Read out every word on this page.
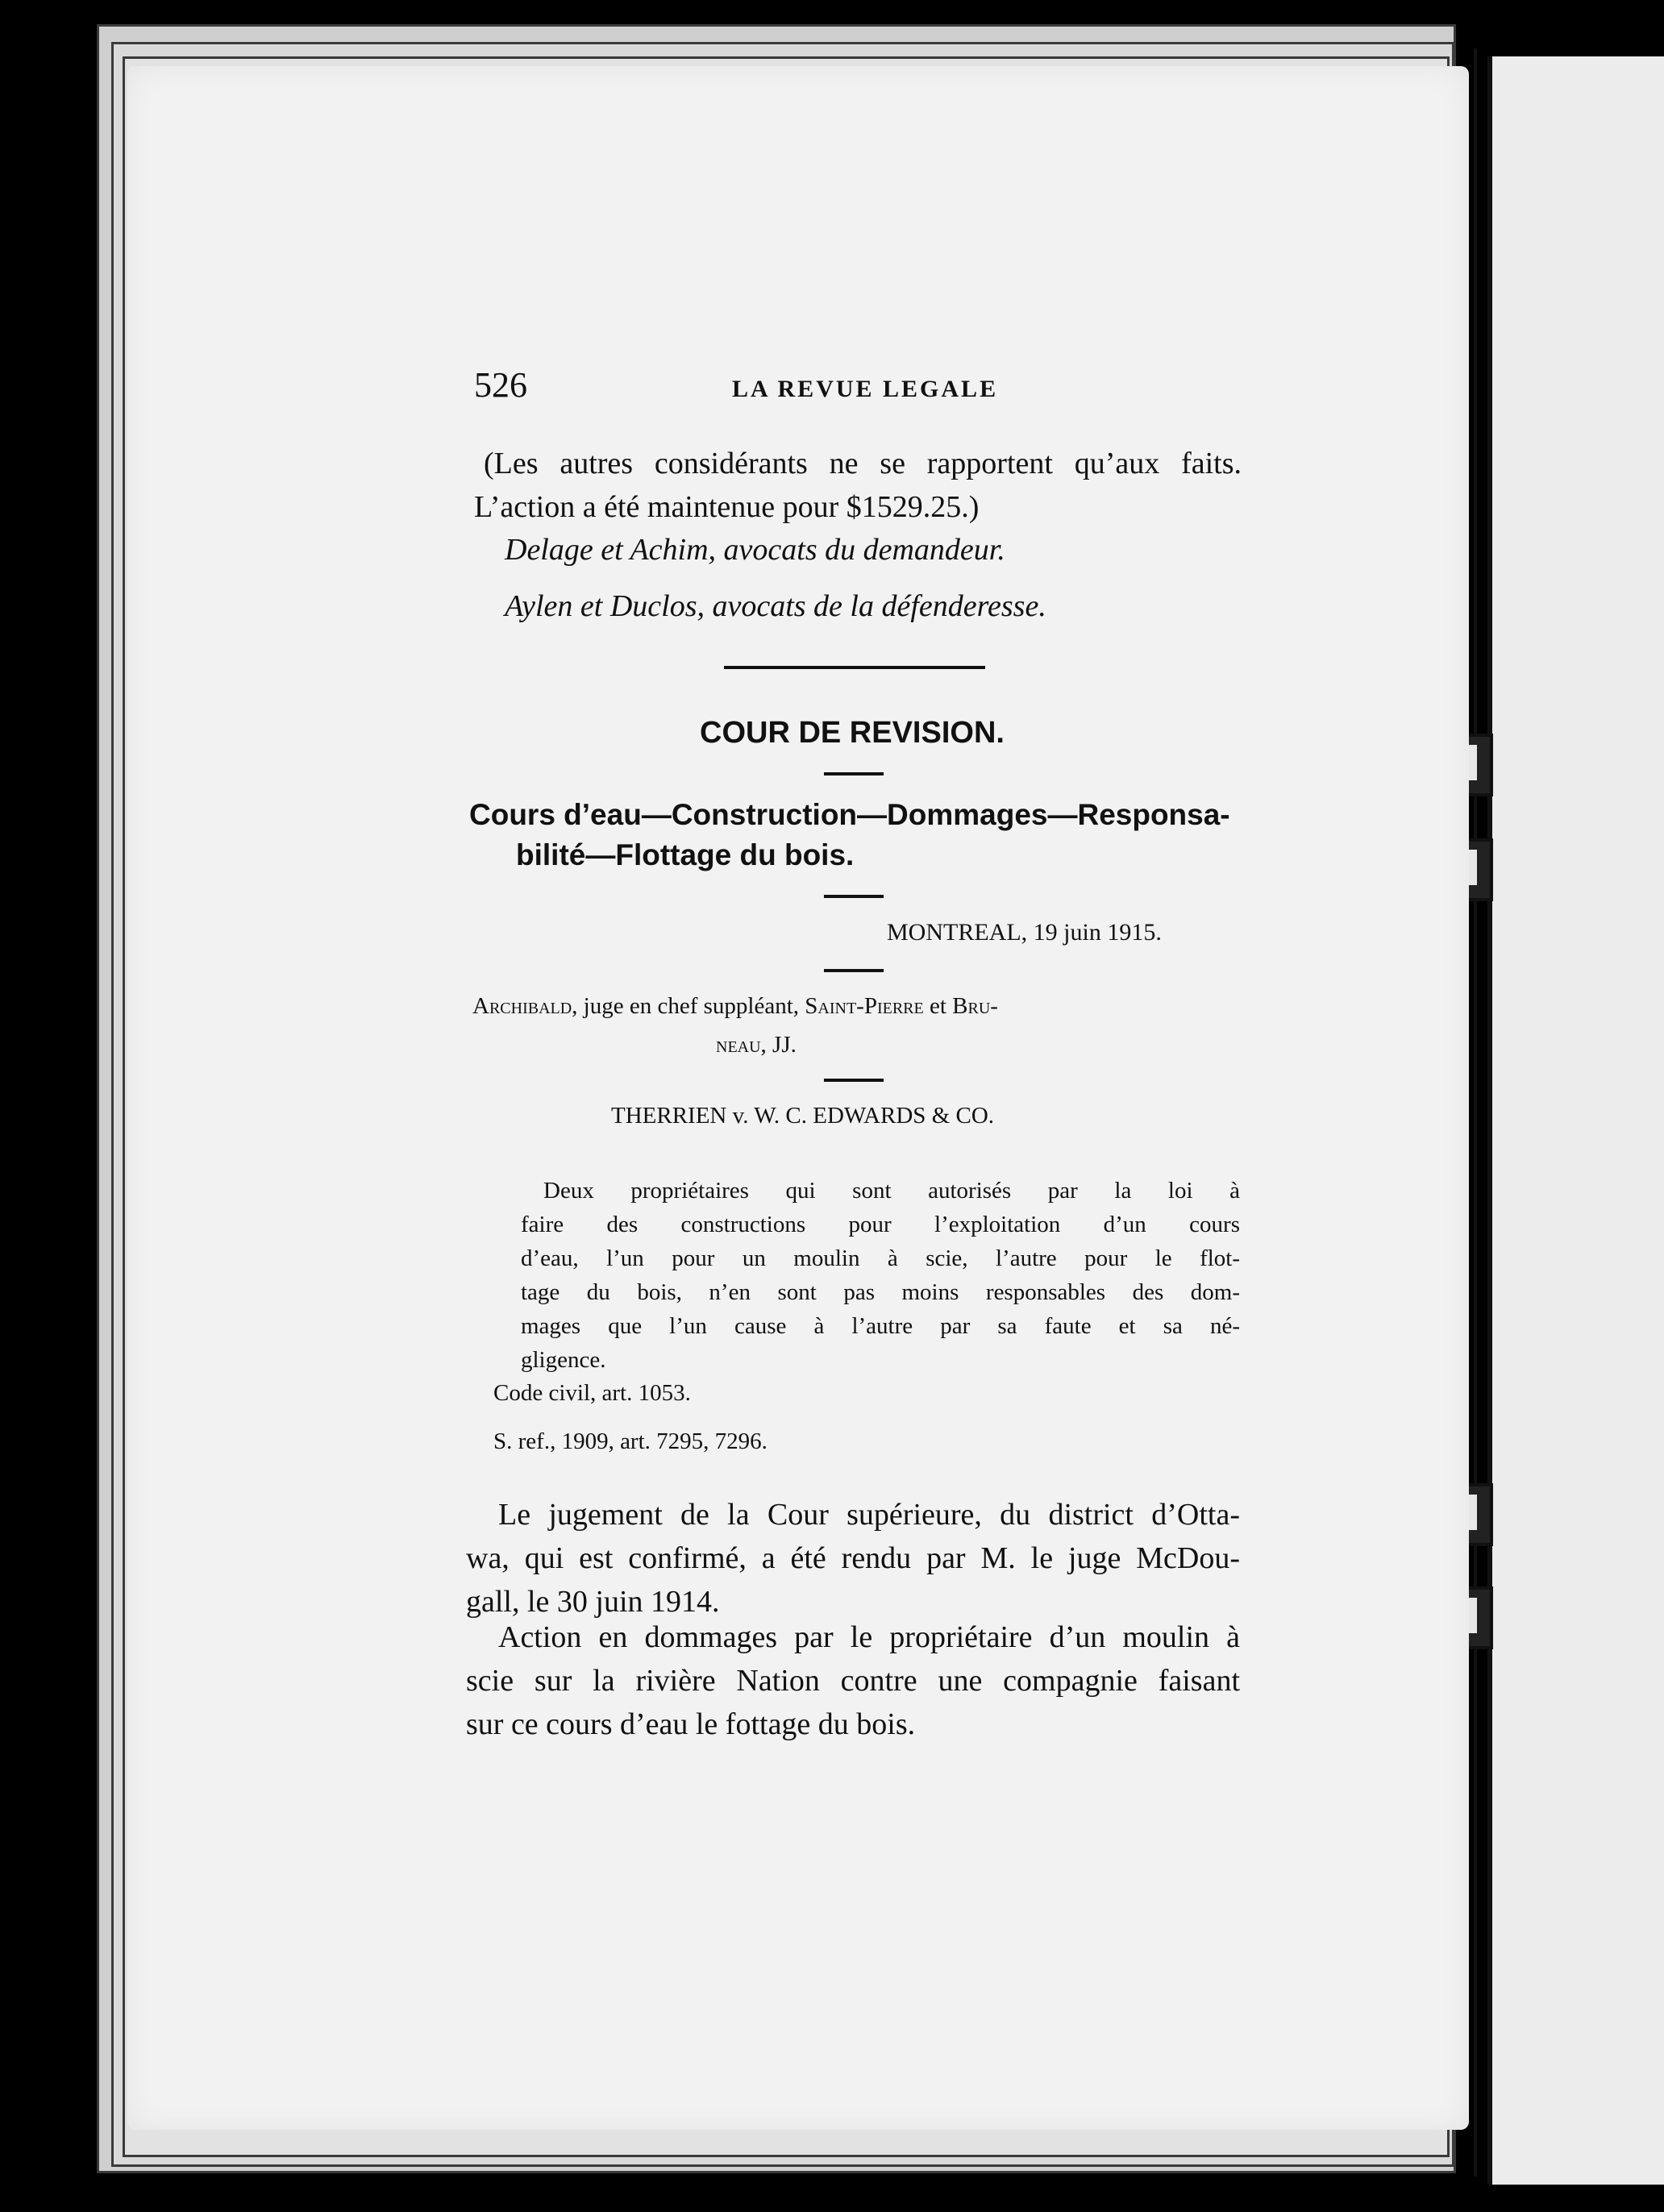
526	LA REVUE LEGALE
(Les autres considérants ne se rapportent qu’aux faits.
L’action a été maintenue pour $1529.25.)
Delage et Achim, avocats du demandeur.
Aylen et Duclos, avocats de la défenderesse.
COUR DE REVISION.
Cours d’eau—Construction—Dommages—Responsa-
bilité—Flottage du bois.
MONTREAL, 19 juin 1915.
Archibald, juge en chef suppléant, Saint-Pierre et Bru-
neau, JJ.
THERRIEN v. W. C. EDWARDS & CO.
Deux propriétaires qui sont autorisés par la loi à
faire des constructions pour l’exploitation d’un cours
d’eau, l’un pour un moulin à scie, l’autre pour le flot-
tage du bois, n’en sont pas moins responsables des dom-
mages que l’un cause à l’autre par sa faute et sa né-
gligence.
Code civil, art. 1053.
S. ref., 1909, art. 7295, 7296.
Le jugement de la Cour supérieure, du district d’Otta-
wa, qui est confirmé, a été rendu par M. le juge McDou-
gall, le 30 juin 1914.
Action en dommages par le propriétaire d’un moulin à
scie sur la rivière Nation contre une compagnie faisant
sur ce cours d’eau le fottage du bois.
